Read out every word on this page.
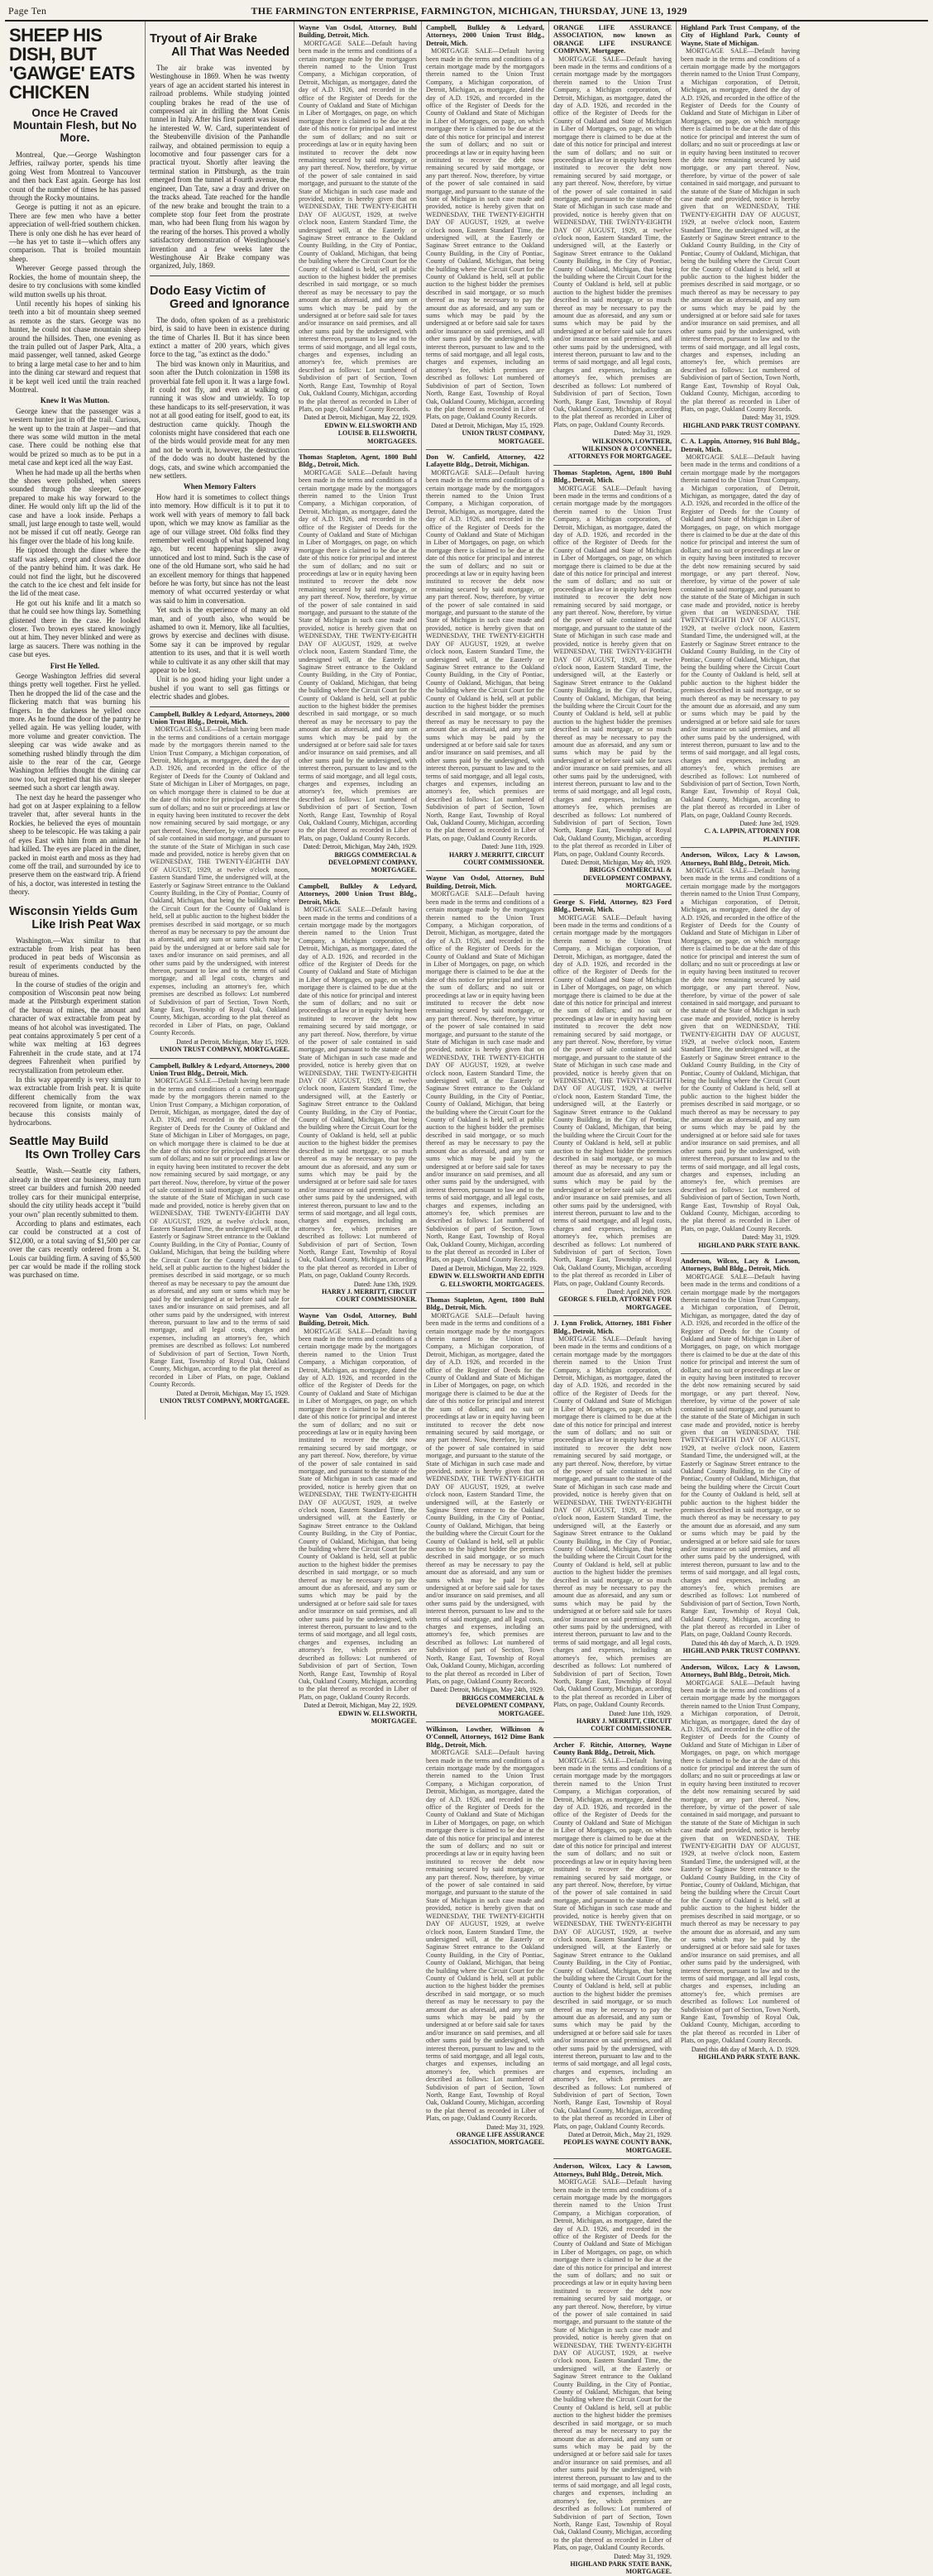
Page Ten	THE FARMINGTON ENTERPRISE, FARMINGTON, MICHIGAN, THURSDAY, JUNE 13, 1929
SHEEP HIS DISH, BUT 'GAWGE' EATS CHICKEN
Once He Craved Mountain Flesh, but No More.

Montreal, Que.—George Washington Jeffries, railway porter, spends his time going West from Montreal to Vancouver and then back East again. George has lost count of the number of times he has passed through the Rocky mountains.

George is putting it not as an epicure. There are few men who have a better appreciation of well-fried southern chicken. There is only one dish he has ever heard of—he has yet to taste it—which offers any comparison. That is broiled mountain sheep.

Wherever George passed through the Rockies, the home of mountain sheep, the desire to try conclusions with some kindled wild mutton swells up his throat.

Until recently his hopes of sinking his teeth into a bit of mountain sheep seemed as remote as the stars. George was no hunter, he could not chase mountain sheep around the hillsides. Then, one evening as the train pulled out of Jasper Park, Alta., a maid passenger, well tanned, asked George to bring a large metal case to her and to him into the dining car steward and request that it be kept well iced until the train reached Montreal.

Knew It Was Mutton.

George knew that the passenger was a western hunter just in off the trail. Curious, he went up to the train at Jasper—and that there was some wild mutton in the metal case. There could be nothing else that would be prized so much as to be put in a metal case and kept iced all the way East.

When he had made up all the berths when the shoes were polished, when sneers sounded through the sleeper, George prepared to make his way forward to the diner. He would only lift up the lid of the case and have a look inside. Perhaps a small, just large enough to taste well, would not be missed if cut off neatly. George ran his finger over the blade of his long knife.

He tiptoed through the diner where the staff was asleep, crept and closed the door of the pantry behind him. It was dark. He could not find the light, but he discovered the catch to the ice chest and felt inside for the lid of the meat case.

He got out his knife and lit a match so that he could see how things lay. Something glistened there in the case. He looked closer. Two brown eyes stared knowingly out at him. They never blinked and were as large as saucers. There was nothing in the case but eyes.

First He Yelled.

George Washington Jeffries did several things pretty well together. First he yelled. Then he dropped the lid of the case and the flickering match that was burning his fingers. In the darkness he yelled once more. As he found the door of the pantry he yelled again. He was yelling louder, with more volume and greater conviction. The sleeping car was wide awake and as something rushed blindly through the dim aisle to the rear of the car, George Washington Jeffries thought the dining car now too, but regretted that his own sleeper seemed such a short car length away.

The next day he heard the passenger who had got on at Jasper explaining to a fellow traveler that, after several hunts in the Rockies, he believed the eyes of mountain sheep to be telescopic. He was taking a pair of eyes East with him from an animal he had killed. The eyes are placed in the diner, packed in moist earth and moss as they had come off the trail, and surrounded by ice to preserve them on the eastward trip. A friend of his, a doctor, was interested in testing the theory.

Wisconsin Yields Gum
Like Irish Peat Wax

Washington.—Wax similar to that extractable from Irish peat has been produced in peat beds of Wisconsin as result of experiments conducted by the bureau of mines.

In the course of studies of the origin and composition of Wisconsin peat now being made at the Pittsburgh experiment station of the bureau of mines, the amount and character of wax extractable from peat by means of hot alcohol was investigated. The peat contains approximately 5 per cent of a white wax melting at 163 degrees Fahrenheit in the crude state, and at 174 degrees Fahrenheit when purified by recrystallization from petroleum ether.

In this way apparently is very similar to wax extractable from Irish peat. It is quite different chemically from the wax recovered from lignite, or montan wax, because this consists mainly of hydrocarbons.

Seattle May Build
Its Own Trolley Cars

Seattle, Wash.—Seattle city fathers, already in the street car business, may turn street car builders and furnish 200 needed trolley cars for their municipal enterprise, should the city utility heads accept it "build your own" plan recently submitted to them.

According to plans and estimates, each car could be constructed at a cost of $12,000, or a total saving of $1,500 per car over the cars recently ordered from a St. Louis car building firm. A saving of $5,500 per car would be made if the rolling stock was purchased on time.

Tryout of Air Brake
All That Was Needed

The air brake was invented by Westinghouse in 1869. When he was twenty years of age an accident started his interest in railroad problems. While studying jointed coupling brakes he read of the use of compressed air in drilling the Mont Cenis tunnel in Italy. After his first patent was issued he interested W. W. Card, superintendent of the Steubenville division of the Panhandle railway, and obtained permission to equip a locomotive and four passenger cars for a practical tryout. Shortly after leaving the terminal station in Pittsburgh, as the train emerged from the tunnel at Fourth avenue, the engineer, Dan Tate, saw a dray and driver on the tracks ahead. Tate reached for the handle of the new brake and brought the train to a complete stop four feet from the prostrate man, who had been flung from his wagon by the rearing of the horses. This proved a wholly satisfactory demonstration of Westinghouse's invention and a few weeks later the Westinghouse Air Brake company was organized, July, 1869.

Dodo Easy Victim of
Greed and Ignorance

The dodo, often spoken of as a prehistoric bird, is said to have been in existence during the time of Charles II. But it has since been extinct a matter of 200 years, which gives force to the tag, "as extinct as the dodo."

The bird was known only in Mauritius, and soon after the Dutch colonization in 1598 its proverbial fate fell upon it. It was a large fowl. It could not fly, and even at walking or running it was slow and unwieldy. To top these handicaps to its self-preservation, it was not at all good eating for itself, good to eat, its destruction came quickly. Though the colonists might have considered that each one of the birds would provide meat for any men and not be worth it, however, the destruction of the dodo was no doubt hastened by the dogs, cats, and swine which accompanied the new settlers.

When Memory Falters

How hard it is sometimes to collect things into memory. How difficult is it to put it to work well with years of memory to fall back upon, which we may know as familiar as the age of our village street. Old folks find they remember well enough of what happened long ago, but recent happenings slip away unnoticed and lost to mind. Such is the case of one of the old Humane sort, who said he had an excellent memory for things that happened before he was forty, but since has not the least memory of what occurred yesterday or what was said to him in conversation.

Yet such is the experience of many an old man, and of youth also, who would be ashamed to own it. Memory, like all faculties, grows by exercise and declines with disuse. Some say it can be improved by regular attention to its uses, and that it is well worth while to cultivate it as any other skill that may appear to be lost.

Unit is no good hiding your light under a bushel if you want to sell gas fittings or electric shades and globes.

Campbell, Bulkley & Ledyard, Attorneys, 2000 Union Trust Bldg., Detroit, Mich.
MORTGAGE SALE—Default having been made in the terms and conditions of a certain mortgage made by the mortgagors therein named to the Union Trust Company, a Michigan corporation, of Detroit, Michigan, as mortgagee, dated the day of A.D. 1926, and recorded in the office of the Register of Deeds for the County of Oakland and State of Michigan in Liber of Mortgages, on page, on which mortgage there is claimed to be due at the date of this notice for principal and interest the sum of dollars; and no suit or proceedings at law or in equity having been instituted to recover the debt now remaining secured by said mortgage, or any part thereof. Now, therefore, by virtue of the power of sale contained in said mortgage, and pursuant to the statute of the State of Michigan in such case made and provided, notice is hereby given that on WEDNESDAY, THE TWENTY-EIGHTH DAY OF AUGUST, 1929, at twelve o'clock noon, Eastern Standard Time, the undersigned will, at the Easterly or Saginaw Street entrance to the Oakland County Building, in the City of Pontiac, County of Oakland, Michigan, that being the building where the Circuit Court for the County of Oakland is held, sell at public auction to the highest bidder the premises described in said mortgage, or so much thereof as may be necessary to pay the amount due as aforesaid, and any sum or sums which may be paid by the undersigned at or before said sale for taxes and/or insurance on said premises, and all other sums paid by the undersigned, with interest thereon, pursuant to law and to the terms of said mortgage, and all legal costs, charges and expenses, including an attorney's fee, which premises are described as follows: Lot numbered of Subdivision of part of Section, Town North, Range East, Township of Royal Oak, Oakland County, Michigan, according to the plat thereof as recorded in Liber of Plats, on page, Oakland County Records.
Dated at Detroit, Michigan, May 15, 1929.
UNION TRUST COMPANY, MORTGAGEE.
Campbell, Bulkley & Ledyard, Attorneys, 2000 Union Trust Bldg., Detroit, Mich.
MORTGAGE SALE—Default having been made in the terms and conditions of a certain mortgage made by the mortgagors therein named to the Union Trust Company, a Michigan corporation, of Detroit, Michigan, as mortgagee, dated the day of A.D. 1926, and recorded in the office of the Register of Deeds for the County of Oakland and State of Michigan in Liber of Mortgages, on page, on which mortgage there is claimed to be due at the date of this notice for principal and interest the sum of dollars; and no suit or proceedings at law or in equity having been instituted to recover the debt now remaining secured by said mortgage, or any part thereof. Now, therefore, by virtue of the power of sale contained in said mortgage, and pursuant to the statute of the State of Michigan in such case made and provided, notice is hereby given that on WEDNESDAY, THE TWENTY-EIGHTH DAY OF AUGUST, 1929, at twelve o'clock noon, Eastern Standard Time, the undersigned will, at the Easterly or Saginaw Street entrance to the Oakland County Building, in the City of Pontiac, County of Oakland, Michigan, that being the building where the Circuit Court for the County of Oakland is held, sell at public auction to the highest bidder the premises described in said mortgage, or so much thereof as may be necessary to pay the amount due as aforesaid, and any sum or sums which may be paid by the undersigned at or before said sale for taxes and/or insurance on said premises, and all other sums paid by the undersigned, with interest thereon, pursuant to law and to the terms of said mortgage, and all legal costs, charges and expenses, including an attorney's fee, which premises are described as follows: Lot numbered of Subdivision of part of Section, Town North, Range East, Township of Royal Oak, Oakland County, Michigan, according to the plat thereof as recorded in Liber of Plats, on page, Oakland County Records.
Dated at Detroit, Michigan, May 15, 1929.
UNION TRUST COMPANY, MORTGAGEE.
Wayne Van Osdol, Attorney, Buhl Building, Detroit, Mich.
MORTGAGE SALE—Default having been made in the terms and conditions of a certain mortgage made by the mortgagors therein named to the Union Trust Company, a Michigan corporation, of Detroit, Michigan, as mortgagee, dated the day of A.D. 1926, and recorded in the office of the Register of Deeds for the County of Oakland and State of Michigan in Liber of Mortgages, on page, on which mortgage there is claimed to be due at the date of this notice for principal and interest the sum of dollars; and no suit or proceedings at law or in equity having been instituted to recover the debt now remaining secured by said mortgage, or any part thereof. Now, therefore, by virtue of the power of sale contained in said mortgage, and pursuant to the statute of the State of Michigan in such case made and provided, notice is hereby given that on WEDNESDAY, THE TWENTY-EIGHTH DAY OF AUGUST, 1929, at twelve o'clock noon, Eastern Standard Time, the undersigned will, at the Easterly or Saginaw Street entrance to the Oakland County Building, in the City of Pontiac, County of Oakland, Michigan, that being the building where the Circuit Court for the County of Oakland is held, sell at public auction to the highest bidder the premises described in said mortgage, or so much thereof as may be necessary to pay the amount due as aforesaid, and any sum or sums which may be paid by the undersigned at or before said sale for taxes and/or insurance on said premises, and all other sums paid by the undersigned, with interest thereon, pursuant to law and to the terms of said mortgage, and all legal costs, charges and expenses, including an attorney's fee, which premises are described as follows: Lot numbered of Subdivision of part of Section, Town North, Range East, Township of Royal Oak, Oakland County, Michigan, according to the plat thereof as recorded in Liber of Plats, on page, Oakland County Records.
Dated at Detroit, Michigan, May 22, 1929.
EDWIN W. ELLSWORTH AND LOUISE B. ELLSWORTH, MORTGAGEES.
Thomas Stapleton, Agent, 1800 Buhl Bldg., Detroit, Mich.
MORTGAGE SALE—Default having been made in the terms and conditions of a certain mortgage made by the mortgagors therein named to the Union Trust Company, a Michigan corporation, of Detroit, Michigan, as mortgagee, dated the day of A.D. 1926, and recorded in the office of the Register of Deeds for the County of Oakland and State of Michigan in Liber of Mortgages, on page, on which mortgage there is claimed to be due at the date of this notice for principal and interest the sum of dollars; and no suit or proceedings at law or in equity having been instituted to recover the debt now remaining secured by said mortgage, or any part thereof. Now, therefore, by virtue of the power of sale contained in said mortgage, and pursuant to the statute of the State of Michigan in such case made and provided, notice is hereby given that on WEDNESDAY, THE TWENTY-EIGHTH DAY OF AUGUST, 1929, at twelve o'clock noon, Eastern Standard Time, the undersigned will, at the Easterly or Saginaw Street entrance to the Oakland County Building, in the City of Pontiac, County of Oakland, Michigan, that being the building where the Circuit Court for the County of Oakland is held, sell at public auction to the highest bidder the premises described in said mortgage, or so much thereof as may be necessary to pay the amount due as aforesaid, and any sum or sums which may be paid by the undersigned at or before said sale for taxes and/or insurance on said premises, and all other sums paid by the undersigned, with interest thereon, pursuant to law and to the terms of said mortgage, and all legal costs, charges and expenses, including an attorney's fee, which premises are described as follows: Lot numbered of Subdivision of part of Section, Town North, Range East, Township of Royal Oak, Oakland County, Michigan, according to the plat thereof as recorded in Liber of Plats, on page, Oakland County Records.
Dated: Detroit, Michigan, May 24th, 1929.
BRIGGS COMMERCIAL & DEVELOPMENT COMPANY, MORTGAGEE.
Campbell, Bulkley & Ledyard, Attorneys, 2000 Union Trust Bldg., Detroit, Mich.
MORTGAGE SALE—Default having been made in the terms and conditions of a certain mortgage made by the mortgagors therein named to the Union Trust Company, a Michigan corporation, of Detroit, Michigan, as mortgagee, dated the day of A.D. 1926, and recorded in the office of the Register of Deeds for the County of Oakland and State of Michigan in Liber of Mortgages, on page, on which mortgage there is claimed to be due at the date of this notice for principal and interest the sum of dollars; and no suit or proceedings at law or in equity having been instituted to recover the debt now remaining secured by said mortgage, or any part thereof. Now, therefore, by virtue of the power of sale contained in said mortgage, and pursuant to the statute of the State of Michigan in such case made and provided, notice is hereby given that on WEDNESDAY, THE TWENTY-EIGHTH DAY OF AUGUST, 1929, at twelve o'clock noon, Eastern Standard Time, the undersigned will, at the Easterly or Saginaw Street entrance to the Oakland County Building, in the City of Pontiac, County of Oakland, Michigan, that being the building where the Circuit Court for the County of Oakland is held, sell at public auction to the highest bidder the premises described in said mortgage, or so much thereof as may be necessary to pay the amount due as aforesaid, and any sum or sums which may be paid by the undersigned at or before said sale for taxes and/or insurance on said premises, and all other sums paid by the undersigned, with interest thereon, pursuant to law and to the terms of said mortgage, and all legal costs, charges and expenses, including an attorney's fee, which premises are described as follows: Lot numbered of Subdivision of part of Section, Town North, Range East, Township of Royal Oak, Oakland County, Michigan, according to the plat thereof as recorded in Liber of Plats, on page, Oakland County Records.
Dated: June 13th, 1929.
HARRY J. MERRITT, CIRCUIT COURT COMMISSIONER.
Wayne Van Osdol, Attorney, Buhl Building, Detroit, Mich.
MORTGAGE SALE—Default having been made in the terms and conditions of a certain mortgage made by the mortgagors therein named to the Union Trust Company, a Michigan corporation, of Detroit, Michigan, as mortgagee, dated the day of A.D. 1926, and recorded in the office of the Register of Deeds for the County of Oakland and State of Michigan in Liber of Mortgages, on page, on which mortgage there is claimed to be due at the date of this notice for principal and interest the sum of dollars; and no suit or proceedings at law or in equity having been instituted to recover the debt now remaining secured by said mortgage, or any part thereof. Now, therefore, by virtue of the power of sale contained in said mortgage, and pursuant to the statute of the State of Michigan in such case made and provided, notice is hereby given that on WEDNESDAY, THE TWENTY-EIGHTH DAY OF AUGUST, 1929, at twelve o'clock noon, Eastern Standard Time, the undersigned will, at the Easterly or Saginaw Street entrance to the Oakland County Building, in the City of Pontiac, County of Oakland, Michigan, that being the building where the Circuit Court for the County of Oakland is held, sell at public auction to the highest bidder the premises described in said mortgage, or so much thereof as may be necessary to pay the amount due as aforesaid, and any sum or sums which may be paid by the undersigned at or before said sale for taxes and/or insurance on said premises, and all other sums paid by the undersigned, with interest thereon, pursuant to law and to the terms of said mortgage, and all legal costs, charges and expenses, including an attorney's fee, which premises are described as follows: Lot numbered of Subdivision of part of Section, Town North, Range East, Township of Royal Oak, Oakland County, Michigan, according to the plat thereof as recorded in Liber of Plats, on page, Oakland County Records.
Dated at Detroit, Michigan, May 22, 1929.
EDWIN W. ELLSWORTH, MORTGAGEE.
Campbell, Bulkley & Ledyard, Attorneys, 2000 Union Trust Bldg., Detroit, Mich.
MORTGAGE SALE—Default having been made in the terms and conditions of a certain mortgage made by the mortgagors therein named to the Union Trust Company, a Michigan corporation, of Detroit, Michigan, as mortgagee, dated the day of A.D. 1926, and recorded in the office of the Register of Deeds for the County of Oakland and State of Michigan in Liber of Mortgages, on page, on which mortgage there is claimed to be due at the date of this notice for principal and interest the sum of dollars; and no suit or proceedings at law or in equity having been instituted to recover the debt now remaining secured by said mortgage, or any part thereof. Now, therefore, by virtue of the power of sale contained in said mortgage, and pursuant to the statute of the State of Michigan in such case made and provided, notice is hereby given that on WEDNESDAY, THE TWENTY-EIGHTH DAY OF AUGUST, 1929, at twelve o'clock noon, Eastern Standard Time, the undersigned will, at the Easterly or Saginaw Street entrance to the Oakland County Building, in the City of Pontiac, County of Oakland, Michigan, that being the building where the Circuit Court for the County of Oakland is held, sell at public auction to the highest bidder the premises described in said mortgage, or so much thereof as may be necessary to pay the amount due as aforesaid, and any sum or sums which may be paid by the undersigned at or before said sale for taxes and/or insurance on said premises, and all other sums paid by the undersigned, with interest thereon, pursuant to law and to the terms of said mortgage, and all legal costs, charges and expenses, including an attorney's fee, which premises are described as follows: Lot numbered of Subdivision of part of Section, Town North, Range East, Township of Royal Oak, Oakland County, Michigan, according to the plat thereof as recorded in Liber of Plats, on page, Oakland County Records.
Dated at Detroit, Michigan, May 15, 1929.
UNION TRUST COMPANY, MORTGAGEE.
Don W. Canfield, Attorney, 422 Lafayette Bldg., Detroit, Michigan.
MORTGAGE SALE—Default having been made in the terms and conditions of a certain mortgage made by the mortgagors therein named to the Union Trust Company, a Michigan corporation, of Detroit, Michigan, as mortgagee, dated the day of A.D. 1926, and recorded in the office of the Register of Deeds for the County of Oakland and State of Michigan in Liber of Mortgages, on page, on which mortgage there is claimed to be due at the date of this notice for principal and interest the sum of dollars; and no suit or proceedings at law or in equity having been instituted to recover the debt now remaining secured by said mortgage, or any part thereof. Now, therefore, by virtue of the power of sale contained in said mortgage, and pursuant to the statute of the State of Michigan in such case made and provided, notice is hereby given that on WEDNESDAY, THE TWENTY-EIGHTH DAY OF AUGUST, 1929, at twelve o'clock noon, Eastern Standard Time, the undersigned will, at the Easterly or Saginaw Street entrance to the Oakland County Building, in the City of Pontiac, County of Oakland, Michigan, that being the building where the Circuit Court for the County of Oakland is held, sell at public auction to the highest bidder the premises described in said mortgage, or so much thereof as may be necessary to pay the amount due as aforesaid, and any sum or sums which may be paid by the undersigned at or before said sale for taxes and/or insurance on said premises, and all other sums paid by the undersigned, with interest thereon, pursuant to law and to the terms of said mortgage, and all legal costs, charges and expenses, including an attorney's fee, which premises are described as follows: Lot numbered of Subdivision of part of Section, Town North, Range East, Township of Royal Oak, Oakland County, Michigan, according to the plat thereof as recorded in Liber of Plats, on page, Oakland County Records.
Dated: June 11th, 1929.
HARRY J. MERRITT, CIRCUIT COURT COMMISSIONER.
Wayne Van Osdol, Attorney, Buhl Building, Detroit, Mich.
MORTGAGE SALE—Default having been made in the terms and conditions of a certain mortgage made by the mortgagors therein named to the Union Trust Company, a Michigan corporation, of Detroit, Michigan, as mortgagee, dated the day of A.D. 1926, and recorded in the office of the Register of Deeds for the County of Oakland and State of Michigan in Liber of Mortgages, on page, on which mortgage there is claimed to be due at the date of this notice for principal and interest the sum of dollars; and no suit or proceedings at law or in equity having been instituted to recover the debt now remaining secured by said mortgage, or any part thereof. Now, therefore, by virtue of the power of sale contained in said mortgage, and pursuant to the statute of the State of Michigan in such case made and provided, notice is hereby given that on WEDNESDAY, THE TWENTY-EIGHTH DAY OF AUGUST, 1929, at twelve o'clock noon, Eastern Standard Time, the undersigned will, at the Easterly or Saginaw Street entrance to the Oakland County Building, in the City of Pontiac, County of Oakland, Michigan, that being the building where the Circuit Court for the County of Oakland is held, sell at public auction to the highest bidder the premises described in said mortgage, or so much thereof as may be necessary to pay the amount due as aforesaid, and any sum or sums which may be paid by the undersigned at or before said sale for taxes and/or insurance on said premises, and all other sums paid by the undersigned, with interest thereon, pursuant to law and to the terms of said mortgage, and all legal costs, charges and expenses, including an attorney's fee, which premises are described as follows: Lot numbered of Subdivision of part of Section, Town North, Range East, Township of Royal Oak, Oakland County, Michigan, according to the plat thereof as recorded in Liber of Plats, on page, Oakland County Records.
Dated at Detroit, Michigan, May 22, 1929.
EDWIN W. ELLSWORTH AND EDITH G. ELLSWORTH, MORTGAGEES.
Thomas Stapleton, Agent, 1800 Buhl Bldg., Detroit, Mich.
MORTGAGE SALE—Default having been made in the terms and conditions of a certain mortgage made by the mortgagors therein named to the Union Trust Company, a Michigan corporation, of Detroit, Michigan, as mortgagee, dated the day of A.D. 1926, and recorded in the office of the Register of Deeds for the County of Oakland and State of Michigan in Liber of Mortgages, on page, on which mortgage there is claimed to be due at the date of this notice for principal and interest the sum of dollars; and no suit or proceedings at law or in equity having been instituted to recover the debt now remaining secured by said mortgage, or any part thereof. Now, therefore, by virtue of the power of sale contained in said mortgage, and pursuant to the statute of the State of Michigan in such case made and provided, notice is hereby given that on WEDNESDAY, THE TWENTY-EIGHTH DAY OF AUGUST, 1929, at twelve o'clock noon, Eastern Standard Time, the undersigned will, at the Easterly or Saginaw Street entrance to the Oakland County Building, in the City of Pontiac, County of Oakland, Michigan, that being the building where the Circuit Court for the County of Oakland is held, sell at public auction to the highest bidder the premises described in said mortgage, or so much thereof as may be necessary to pay the amount due as aforesaid, and any sum or sums which may be paid by the undersigned at or before said sale for taxes and/or insurance on said premises, and all other sums paid by the undersigned, with interest thereon, pursuant to law and to the terms of said mortgage, and all legal costs, charges and expenses, including an attorney's fee, which premises are described as follows: Lot numbered of Subdivision of part of Section, Town North, Range East, Township of Royal Oak, Oakland County, Michigan, according to the plat thereof as recorded in Liber of Plats, on page, Oakland County Records.
Dated: Detroit, Michigan, May 24th, 1929.
BRIGGS COMMERCIAL & DEVELOPMENT COMPANY, MORTGAGEE.
Wilkinson, Lowther, Wilkinson & O'Connell, Attorneys, 1612 Dime Bank Bldg., Detroit, Mich.
MORTGAGE SALE—Default having been made in the terms and conditions of a certain mortgage made by the mortgagors therein named to the Union Trust Company, a Michigan corporation, of Detroit, Michigan, as mortgagee, dated the day of A.D. 1926, and recorded in the office of the Register of Deeds for the County of Oakland and State of Michigan in Liber of Mortgages, on page, on which mortgage there is claimed to be due at the date of this notice for principal and interest the sum of dollars; and no suit or proceedings at law or in equity having been instituted to recover the debt now remaining secured by said mortgage, or any part thereof. Now, therefore, by virtue of the power of sale contained in said mortgage, and pursuant to the statute of the State of Michigan in such case made and provided, notice is hereby given that on WEDNESDAY, THE TWENTY-EIGHTH DAY OF AUGUST, 1929, at twelve o'clock noon, Eastern Standard Time, the undersigned will, at the Easterly or Saginaw Street entrance to the Oakland County Building, in the City of Pontiac, County of Oakland, Michigan, that being the building where the Circuit Court for the County of Oakland is held, sell at public auction to the highest bidder the premises described in said mortgage, or so much thereof as may be necessary to pay the amount due as aforesaid, and any sum or sums which may be paid by the undersigned at or before said sale for taxes and/or insurance on said premises, and all other sums paid by the undersigned, with interest thereon, pursuant to law and to the terms of said mortgage, and all legal costs, charges and expenses, including an attorney's fee, which premises are described as follows: Lot numbered of Subdivision of part of Section, Town North, Range East, Township of Royal Oak, Oakland County, Michigan, according to the plat thereof as recorded in Liber of Plats, on page, Oakland County Records.
Dated: May 31, 1929.
ORANGE LIFE ASSURANCE ASSOCIATION, MORTGAGEE.
ORANGE LIFE ASSURANCE ASSOCIATION, now known as ORANGE LIFE INSURANCE COMPANY, Mortgagee.
MORTGAGE SALE—Default having been made in the terms and conditions of a certain mortgage made by the mortgagors therein named to the Union Trust Company, a Michigan corporation, of Detroit, Michigan, as mortgagee, dated the day of A.D. 1926, and recorded in the office of the Register of Deeds for the County of Oakland and State of Michigan in Liber of Mortgages, on page, on which mortgage there is claimed to be due at the date of this notice for principal and interest the sum of dollars; and no suit or proceedings at law or in equity having been instituted to recover the debt now remaining secured by said mortgage, or any part thereof. Now, therefore, by virtue of the power of sale contained in said mortgage, and pursuant to the statute of the State of Michigan in such case made and provided, notice is hereby given that on WEDNESDAY, THE TWENTY-EIGHTH DAY OF AUGUST, 1929, at twelve o'clock noon, Eastern Standard Time, the undersigned will, at the Easterly or Saginaw Street entrance to the Oakland County Building, in the City of Pontiac, County of Oakland, Michigan, that being the building where the Circuit Court for the County of Oakland is held, sell at public auction to the highest bidder the premises described in said mortgage, or so much thereof as may be necessary to pay the amount due as aforesaid, and any sum or sums which may be paid by the undersigned at or before said sale for taxes and/or insurance on said premises, and all other sums paid by the undersigned, with interest thereon, pursuant to law and to the terms of said mortgage, and all legal costs, charges and expenses, including an attorney's fee, which premises are described as follows: Lot numbered of Subdivision of part of Section, Town North, Range East, Township of Royal Oak, Oakland County, Michigan, according to the plat thereof as recorded in Liber of Plats, on page, Oakland County Records.
Dated: May 31, 1929.
WILKINSON, LOWTHER, WILKINSON & O'CONNELL, ATTORNEYS FOR MORTGAGEE.
Thomas Stapleton, Agent, 1800 Buhl Bldg., Detroit, Mich.
MORTGAGE SALE—Default having been made in the terms and conditions of a certain mortgage made by the mortgagors therein named to the Union Trust Company, a Michigan corporation, of Detroit, Michigan, as mortgagee, dated the day of A.D. 1926, and recorded in the office of the Register of Deeds for the County of Oakland and State of Michigan in Liber of Mortgages, on page, on which mortgage there is claimed to be due at the date of this notice for principal and interest the sum of dollars; and no suit or proceedings at law or in equity having been instituted to recover the debt now remaining secured by said mortgage, or any part thereof. Now, therefore, by virtue of the power of sale contained in said mortgage, and pursuant to the statute of the State of Michigan in such case made and provided, notice is hereby given that on WEDNESDAY, THE TWENTY-EIGHTH DAY OF AUGUST, 1929, at twelve o'clock noon, Eastern Standard Time, the undersigned will, at the Easterly or Saginaw Street entrance to the Oakland County Building, in the City of Pontiac, County of Oakland, Michigan, that being the building where the Circuit Court for the County of Oakland is held, sell at public auction to the highest bidder the premises described in said mortgage, or so much thereof as may be necessary to pay the amount due as aforesaid, and any sum or sums which may be paid by the undersigned at or before said sale for taxes and/or insurance on said premises, and all other sums paid by the undersigned, with interest thereon, pursuant to law and to the terms of said mortgage, and all legal costs, charges and expenses, including an attorney's fee, which premises are described as follows: Lot numbered of Subdivision of part of Section, Town North, Range East, Township of Royal Oak, Oakland County, Michigan, according to the plat thereof as recorded in Liber of Plats, on page, Oakland County Records.
Dated: Detroit, Michigan, May 4th, 1929.
BRIGGS COMMERCIAL & DEVELOPMENT COMPANY, MORTGAGEE.
George S. Field, Attorney, 823 Ford Bldg., Detroit, Mich.
MORTGAGE SALE—Default having been made in the terms and conditions of a certain mortgage made by the mortgagors therein named to the Union Trust Company, a Michigan corporation, of Detroit, Michigan, as mortgagee, dated the day of A.D. 1926, and recorded in the office of the Register of Deeds for the County of Oakland and State of Michigan in Liber of Mortgages, on page, on which mortgage there is claimed to be due at the date of this notice for principal and interest the sum of dollars; and no suit or proceedings at law or in equity having been instituted to recover the debt now remaining secured by said mortgage, or any part thereof. Now, therefore, by virtue of the power of sale contained in said mortgage, and pursuant to the statute of the State of Michigan in such case made and provided, notice is hereby given that on WEDNESDAY, THE TWENTY-EIGHTH DAY OF AUGUST, 1929, at twelve o'clock noon, Eastern Standard Time, the undersigned will, at the Easterly or Saginaw Street entrance to the Oakland County Building, in the City of Pontiac, County of Oakland, Michigan, that being the building where the Circuit Court for the County of Oakland is held, sell at public auction to the highest bidder the premises described in said mortgage, or so much thereof as may be necessary to pay the amount due as aforesaid, and any sum or sums which may be paid by the undersigned at or before said sale for taxes and/or insurance on said premises, and all other sums paid by the undersigned, with interest thereon, pursuant to law and to the terms of said mortgage, and all legal costs, charges and expenses, including an attorney's fee, which premises are described as follows: Lot numbered of Subdivision of part of Section, Town North, Range East, Township of Royal Oak, Oakland County, Michigan, according to the plat thereof as recorded in Liber of Plats, on page, Oakland County Records.
Dated: April 26th, 1929.
GEORGE S. FIELD, ATTORNEY FOR MORTGAGEE.
J. Lynn Frolick, Attorney, 1881 Fisher Bldg., Detroit, Mich.
MORTGAGE SALE—Default having been made in the terms and conditions of a certain mortgage made by the mortgagors therein named to the Union Trust Company, a Michigan corporation, of Detroit, Michigan, as mortgagee, dated the day of A.D. 1926, and recorded in the office of the Register of Deeds for the County of Oakland and State of Michigan in Liber of Mortgages, on page, on which mortgage there is claimed to be due at the date of this notice for principal and interest the sum of dollars; and no suit or proceedings at law or in equity having been instituted to recover the debt now remaining secured by said mortgage, or any part thereof. Now, therefore, by virtue of the power of sale contained in said mortgage, and pursuant to the statute of the State of Michigan in such case made and provided, notice is hereby given that on WEDNESDAY, THE TWENTY-EIGHTH DAY OF AUGUST, 1929, at twelve o'clock noon, Eastern Standard Time, the undersigned will, at the Easterly or Saginaw Street entrance to the Oakland County Building, in the City of Pontiac, County of Oakland, Michigan, that being the building where the Circuit Court for the County of Oakland is held, sell at public auction to the highest bidder the premises described in said mortgage, or so much thereof as may be necessary to pay the amount due as aforesaid, and any sum or sums which may be paid by the undersigned at or before said sale for taxes and/or insurance on said premises, and all other sums paid by the undersigned, with interest thereon, pursuant to law and to the terms of said mortgage, and all legal costs, charges and expenses, including an attorney's fee, which premises are described as follows: Lot numbered of Subdivision of part of Section, Town North, Range East, Township of Royal Oak, Oakland County, Michigan, according to the plat thereof as recorded in Liber of Plats, on page, Oakland County Records.
Dated: June 11th, 1929.
HARRY J. MERRITT, CIRCUIT COURT COMMISSIONER.
Archer F. Ritchie, Attorney, Wayne County Bank Bldg., Detroit, Mich.
MORTGAGE SALE—Default having been made in the terms and conditions of a certain mortgage made by the mortgagors therein named to the Union Trust Company, a Michigan corporation, of Detroit, Michigan, as mortgagee, dated the day of A.D. 1926, and recorded in the office of the Register of Deeds for the County of Oakland and State of Michigan in Liber of Mortgages, on page, on which mortgage there is claimed to be due at the date of this notice for principal and interest the sum of dollars; and no suit or proceedings at law or in equity having been instituted to recover the debt now remaining secured by said mortgage, or any part thereof. Now, therefore, by virtue of the power of sale contained in said mortgage, and pursuant to the statute of the State of Michigan in such case made and provided, notice is hereby given that on WEDNESDAY, THE TWENTY-EIGHTH DAY OF AUGUST, 1929, at twelve o'clock noon, Eastern Standard Time, the undersigned will, at the Easterly or Saginaw Street entrance to the Oakland County Building, in the City of Pontiac, County of Oakland, Michigan, that being the building where the Circuit Court for the County of Oakland is held, sell at public auction to the highest bidder the premises described in said mortgage, or so much thereof as may be necessary to pay the amount due as aforesaid, and any sum or sums which may be paid by the undersigned at or before said sale for taxes and/or insurance on said premises, and all other sums paid by the undersigned, with interest thereon, pursuant to law and to the terms of said mortgage, and all legal costs, charges and expenses, including an attorney's fee, which premises are described as follows: Lot numbered of Subdivision of part of Section, Town North, Range East, Township of Royal Oak, Oakland County, Michigan, according to the plat thereof as recorded in Liber of Plats, on page, Oakland County Records.
Dated at Detroit, Mich., May 21, 1929.
PEOPLES WAYNE COUNTY BANK, MORTGAGEE.
Anderson, Wilcox, Lacy & Lawson, Attorneys, Buhl Bldg., Detroit, Mich.
MORTGAGE SALE—Default having been made in the terms and conditions of a certain mortgage made by the mortgagors therein named to the Union Trust Company, a Michigan corporation, of Detroit, Michigan, as mortgagee, dated the day of A.D. 1926, and recorded in the office of the Register of Deeds for the County of Oakland and State of Michigan in Liber of Mortgages, on page, on which mortgage there is claimed to be due at the date of this notice for principal and interest the sum of dollars; and no suit or proceedings at law or in equity having been instituted to recover the debt now remaining secured by said mortgage, or any part thereof. Now, therefore, by virtue of the power of sale contained in said mortgage, and pursuant to the statute of the State of Michigan in such case made and provided, notice is hereby given that on WEDNESDAY, THE TWENTY-EIGHTH DAY OF AUGUST, 1929, at twelve o'clock noon, Eastern Standard Time, the undersigned will, at the Easterly or Saginaw Street entrance to the Oakland County Building, in the City of Pontiac, County of Oakland, Michigan, that being the building where the Circuit Court for the County of Oakland is held, sell at public auction to the highest bidder the premises described in said mortgage, or so much thereof as may be necessary to pay the amount due as aforesaid, and any sum or sums which may be paid by the undersigned at or before said sale for taxes and/or insurance on said premises, and all other sums paid by the undersigned, with interest thereon, pursuant to law and to the terms of said mortgage, and all legal costs, charges and expenses, including an attorney's fee, which premises are described as follows: Lot numbered of Subdivision of part of Section, Town North, Range East, Township of Royal Oak, Oakland County, Michigan, according to the plat thereof as recorded in Liber of Plats, on page, Oakland County Records.
Dated: May 31, 1929.
HIGHLAND PARK STATE BANK, MORTGAGEE.
Highland Park Trust Company, of the City of Highland Park, County of Wayne, State of Michigan.
MORTGAGE SALE—Default having been made in the terms and conditions of a certain mortgage made by the mortgagors therein named to the Union Trust Company, a Michigan corporation, of Detroit, Michigan, as mortgagee, dated the day of A.D. 1926, and recorded in the office of the Register of Deeds for the County of Oakland and State of Michigan in Liber of Mortgages, on page, on which mortgage there is claimed to be due at the date of this notice for principal and interest the sum of dollars; and no suit or proceedings at law or in equity having been instituted to recover the debt now remaining secured by said mortgage, or any part thereof. Now, therefore, by virtue of the power of sale contained in said mortgage, and pursuant to the statute of the State of Michigan in such case made and provided, notice is hereby given that on WEDNESDAY, THE TWENTY-EIGHTH DAY OF AUGUST, 1929, at twelve o'clock noon, Eastern Standard Time, the undersigned will, at the Easterly or Saginaw Street entrance to the Oakland County Building, in the City of Pontiac, County of Oakland, Michigan, that being the building where the Circuit Court for the County of Oakland is held, sell at public auction to the highest bidder the premises described in said mortgage, or so much thereof as may be necessary to pay the amount due as aforesaid, and any sum or sums which may be paid by the undersigned at or before said sale for taxes and/or insurance on said premises, and all other sums paid by the undersigned, with interest thereon, pursuant to law and to the terms of said mortgage, and all legal costs, charges and expenses, including an attorney's fee, which premises are described as follows: Lot numbered of Subdivision of part of Section, Town North, Range East, Township of Royal Oak, Oakland County, Michigan, according to the plat thereof as recorded in Liber of Plats, on page, Oakland County Records.
Dated: May 31, 1929.
HIGHLAND PARK TRUST COMPANY.
C. A. Lappin, Attorney, 916 Buhl Bldg., Detroit, Mich.
MORTGAGE SALE—Default having been made in the terms and conditions of a certain mortgage made by the mortgagors therein named to the Union Trust Company, a Michigan corporation, of Detroit, Michigan, as mortgagee, dated the day of A.D. 1926, and recorded in the office of the Register of Deeds for the County of Oakland and State of Michigan in Liber of Mortgages, on page, on which mortgage there is claimed to be due at the date of this notice for principal and interest the sum of dollars; and no suit or proceedings at law or in equity having been instituted to recover the debt now remaining secured by said mortgage, or any part thereof. Now, therefore, by virtue of the power of sale contained in said mortgage, and pursuant to the statute of the State of Michigan in such case made and provided, notice is hereby given that on WEDNESDAY, THE TWENTY-EIGHTH DAY OF AUGUST, 1929, at twelve o'clock noon, Eastern Standard Time, the undersigned will, at the Easterly or Saginaw Street entrance to the Oakland County Building, in the City of Pontiac, County of Oakland, Michigan, that being the building where the Circuit Court for the County of Oakland is held, sell at public auction to the highest bidder the premises described in said mortgage, or so much thereof as may be necessary to pay the amount due as aforesaid, and any sum or sums which may be paid by the undersigned at or before said sale for taxes and/or insurance on said premises, and all other sums paid by the undersigned, with interest thereon, pursuant to law and to the terms of said mortgage, and all legal costs, charges and expenses, including an attorney's fee, which premises are described as follows: Lot numbered of Subdivision of part of Section, Town North, Range East, Township of Royal Oak, Oakland County, Michigan, according to the plat thereof as recorded in Liber of Plats, on page, Oakland County Records.
Dated: June 3rd, 1929.
C. A. LAPPIN, ATTORNEY FOR PLAINTIFF.
Anderson, Wilcox, Lacy & Lawson, Attorneys, Buhl Bldg., Detroit, Mich.
MORTGAGE SALE—Default having been made in the terms and conditions of a certain mortgage made by the mortgagors therein named to the Union Trust Company, a Michigan corporation, of Detroit, Michigan, as mortgagee, dated the day of A.D. 1926, and recorded in the office of the Register of Deeds for the County of Oakland and State of Michigan in Liber of Mortgages, on page, on which mortgage there is claimed to be due at the date of this notice for principal and interest the sum of dollars; and no suit or proceedings at law or in equity having been instituted to recover the debt now remaining secured by said mortgage, or any part thereof. Now, therefore, by virtue of the power of sale contained in said mortgage, and pursuant to the statute of the State of Michigan in such case made and provided, notice is hereby given that on WEDNESDAY, THE TWENTY-EIGHTH DAY OF AUGUST, 1929, at twelve o'clock noon, Eastern Standard Time, the undersigned will, at the Easterly or Saginaw Street entrance to the Oakland County Building, in the City of Pontiac, County of Oakland, Michigan, that being the building where the Circuit Court for the County of Oakland is held, sell at public auction to the highest bidder the premises described in said mortgage, or so much thereof as may be necessary to pay the amount due as aforesaid, and any sum or sums which may be paid by the undersigned at or before said sale for taxes and/or insurance on said premises, and all other sums paid by the undersigned, with interest thereon, pursuant to law and to the terms of said mortgage, and all legal costs, charges and expenses, including an attorney's fee, which premises are described as follows: Lot numbered of Subdivision of part of Section, Town North, Range East, Township of Royal Oak, Oakland County, Michigan, according to the plat thereof as recorded in Liber of Plats, on page, Oakland County Records.
Dated: May 31, 1929.
HIGHLAND PARK STATE BANK.
Anderson, Wilcox, Lacy & Lawson, Attorneys, Buhl Bldg., Detroit, Mich.
MORTGAGE SALE—Default having been made in the terms and conditions of a certain mortgage made by the mortgagors therein named to the Union Trust Company, a Michigan corporation, of Detroit, Michigan, as mortgagee, dated the day of A.D. 1926, and recorded in the office of the Register of Deeds for the County of Oakland and State of Michigan in Liber of Mortgages, on page, on which mortgage there is claimed to be due at the date of this notice for principal and interest the sum of dollars; and no suit or proceedings at law or in equity having been instituted to recover the debt now remaining secured by said mortgage, or any part thereof. Now, therefore, by virtue of the power of sale contained in said mortgage, and pursuant to the statute of the State of Michigan in such case made and provided, notice is hereby given that on WEDNESDAY, THE TWENTY-EIGHTH DAY OF AUGUST, 1929, at twelve o'clock noon, Eastern Standard Time, the undersigned will, at the Easterly or Saginaw Street entrance to the Oakland County Building, in the City of Pontiac, County of Oakland, Michigan, that being the building where the Circuit Court for the County of Oakland is held, sell at public auction to the highest bidder the premises described in said mortgage, or so much thereof as may be necessary to pay the amount due as aforesaid, and any sum or sums which may be paid by the undersigned at or before said sale for taxes and/or insurance on said premises, and all other sums paid by the undersigned, with interest thereon, pursuant to law and to the terms of said mortgage, and all legal costs, charges and expenses, including an attorney's fee, which premises are described as follows: Lot numbered of Subdivision of part of Section, Town North, Range East, Township of Royal Oak, Oakland County, Michigan, according to the plat thereof as recorded in Liber of Plats, on page, Oakland County Records.
Dated this 4th day of March, A. D. 1929.
HIGHLAND PARK TRUST COMPANY.
Anderson, Wilcox, Lacy & Lawson, Attorneys, Buhl Bldg., Detroit, Mich.
MORTGAGE SALE—Default having been made in the terms and conditions of a certain mortgage made by the mortgagors therein named to the Union Trust Company, a Michigan corporation, of Detroit, Michigan, as mortgagee, dated the day of A.D. 1926, and recorded in the office of the Register of Deeds for the County of Oakland and State of Michigan in Liber of Mortgages, on page, on which mortgage there is claimed to be due at the date of this notice for principal and interest the sum of dollars; and no suit or proceedings at law or in equity having been instituted to recover the debt now remaining secured by said mortgage, or any part thereof. Now, therefore, by virtue of the power of sale contained in said mortgage, and pursuant to the statute of the State of Michigan in such case made and provided, notice is hereby given that on WEDNESDAY, THE TWENTY-EIGHTH DAY OF AUGUST, 1929, at twelve o'clock noon, Eastern Standard Time, the undersigned will, at the Easterly or Saginaw Street entrance to the Oakland County Building, in the City of Pontiac, County of Oakland, Michigan, that being the building where the Circuit Court for the County of Oakland is held, sell at public auction to the highest bidder the premises described in said mortgage, or so much thereof as may be necessary to pay the amount due as aforesaid, and any sum or sums which may be paid by the undersigned at or before said sale for taxes and/or insurance on said premises, and all other sums paid by the undersigned, with interest thereon, pursuant to law and to the terms of said mortgage, and all legal costs, charges and expenses, including an attorney's fee, which premises are described as follows: Lot numbered of Subdivision of part of Section, Town North, Range East, Township of Royal Oak, Oakland County, Michigan, according to the plat thereof as recorded in Liber of Plats, on page, Oakland County Records.
Dated this 4th day of March, A. D. 1929.
HIGHLAND PARK STATE BANK.
